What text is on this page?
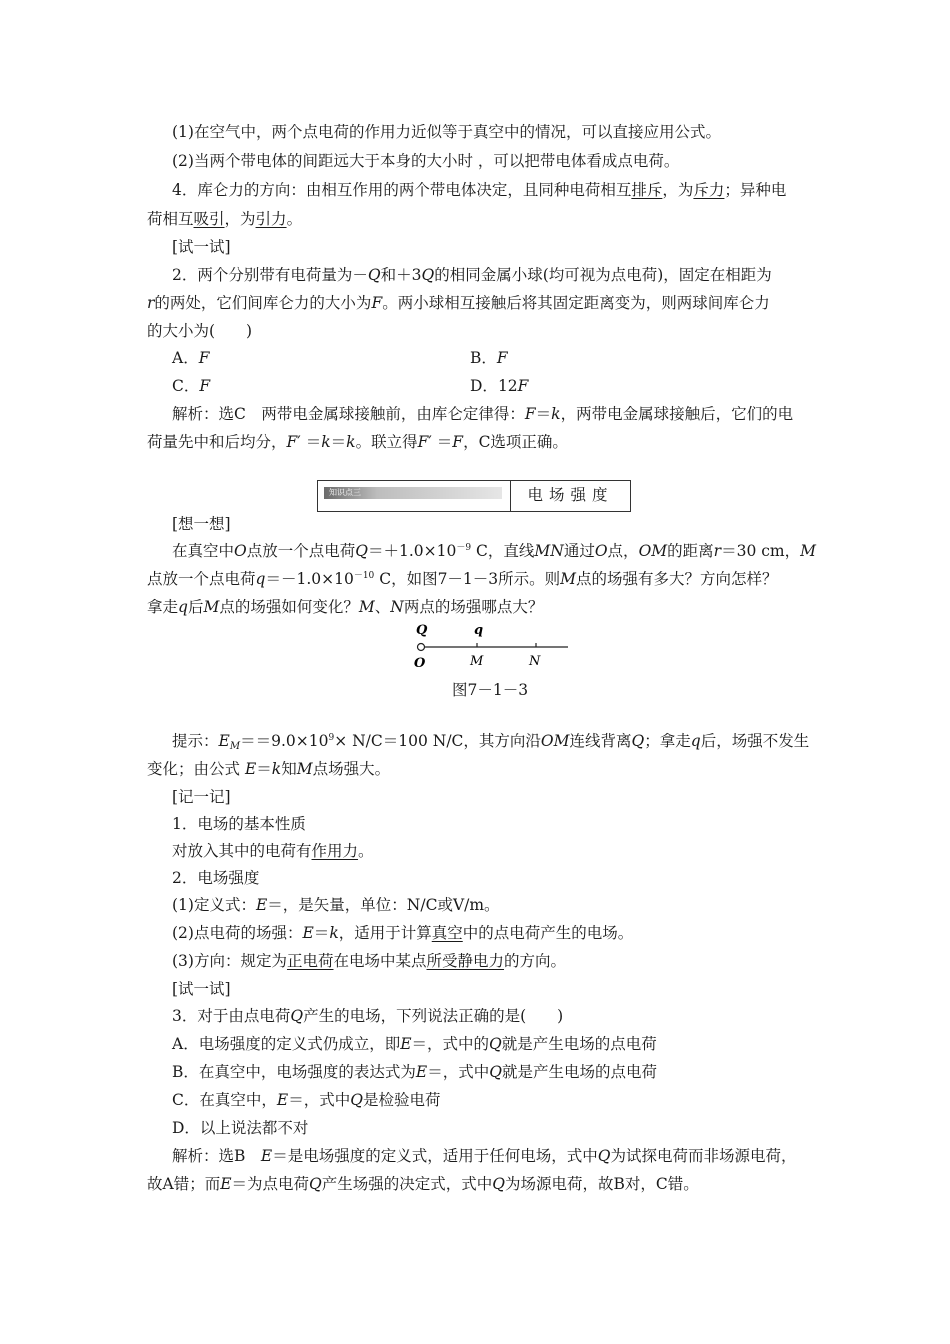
(1)在空气中，两个点电荷的作用力近似等于真空中的情况，可以直接应用公式。
(2)当两个带电体的间距远大于本身的大小时 ，可以把带电体看成点电荷。
4．库仑力的方向：由相互作用的两个带电体决定，且同种电荷相互排斥，为斥力；异种电
荷相互吸引，为引力。
[试一试]
2．两个分别带有电荷量为－Q和＋3Q的相同金属小球(均可视为点电荷)，固定在相距为
r的两处，它们间库仑力的大小为F。两小球相互接触后将其固定距离变为，则两球间库仑力
的大小为(　　)
A．F	B．F
C．F	D．12F
解析：选C　两带电金属球接触前，由库仑定律得：F＝k，两带电金属球接触后，它们的电
荷量先中和后均分，F′ ＝k＝k。联立得F′ ＝F，C选项正确。
知识点三	电场强度
[想一想]
在真空中O点放一个点电荷$Q=+1.0\times 10^{-9}$ C，直线MN通过O点，OM的距离r＝30 cm，M
点放一个点电荷$q=-1.0\times 10^{-10}$ C，如图7－1－3所示。则M点的场强有多大？方向怎样？
拿走q后M点的场强如何变化？M、N两点的场强哪点大？
Q	q
O	M	N
图7－1－3
提示：$E_M==9.0\times 10^9\times N/C=100$ N/C，其方向沿OM连线背离Q；拿走q后，场强不发生
变化；由公式 E＝k知M点场强大。
[记一记]
1．电场的基本性质
对放入其中的电荷有作用力。
2．电场强度
(1)定义式：E＝，是矢量，单位：N/C或V/m。
(2)点电荷的场强：E＝k，适用于计算真空中的点电荷产生的电场。
(3)方向：规定为正电荷在电场中某点所受静电力的方向。
[试一试]
3．对于由点电荷Q产生的电场，下列说法正确的是(　　)
A．电场强度的定义式仍成立，即E＝，式中的Q就是产生电场的点电荷
B．在真空中，电场强度的表达式为E＝，式中Q就是产生电场的点电荷
C．在真空中，E＝，式中Q是检验电荷
D．以上说法都不对
解析：选B　E＝是电场强度的定义式，适用于任何电场，式中Q为试探电荷而非场源电荷，
故A错；而E＝为点电荷Q产生场强的决定式，式中Q为场源电荷，故B对，C错。
